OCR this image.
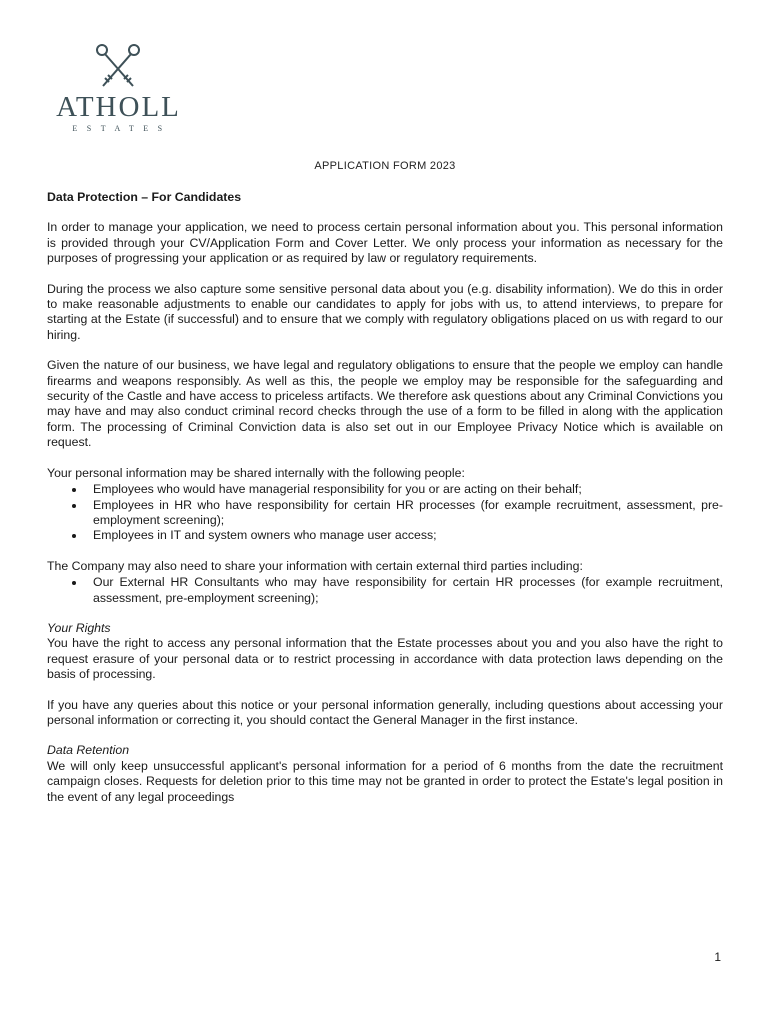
ATHOLL
ESTATES
APPLICATION FORM 2023

Data Protection – For Candidates

In order to manage your application, we need to process certain personal information about you. This personal information is provided through your CV/Application Form and Cover Letter. We only process your information as necessary for the purposes of progressing your application or as required by law or regulatory requirements.

During the process we also capture some sensitive personal data about you (e.g. disability information). We do this in order to make reasonable adjustments to enable our candidates to apply for jobs with us, to attend interviews, to prepare for starting at the Estate (if successful) and to ensure that we comply with regulatory obligations placed on us with regard to our hiring.

Given the nature of our business, we have legal and regulatory obligations to ensure that the people we employ can handle firearms and weapons responsibly. As well as this, the people we employ may be responsible for the safeguarding and security of the Castle and have access to priceless artifacts. We therefore ask questions about any Criminal Convictions you may have and may also conduct criminal record checks through the use of a form to be filled in along with the application form. The processing of Criminal Conviction data is also set out in our Employee Privacy Notice which is available on request.

Your personal information may be shared internally with the following people:

Employees who would have managerial responsibility for you or are acting on their behalf;
Employees in HR who have responsibility for certain HR processes (for example recruitment, assessment, pre-employment screening);
Employees in IT and system owners who manage user access;

The Company may also need to share your information with certain external third parties including:

Our External HR Consultants who may have responsibility for certain HR processes (for example recruitment, assessment, pre-employment screening);

Your Rights

You have the right to access any personal information that the Estate processes about you and you also have the right to request erasure of your personal data or to restrict processing in accordance with data protection laws depending on the basis of processing.

If you have any queries about this notice or your personal information generally, including questions about accessing your personal information or correcting it, you should contact the General Manager in the first instance.

Data Retention

We will only keep unsuccessful applicant's personal information for a period of 6 months from the date the recruitment campaign closes. Requests for deletion prior to this time may not be granted in order to protect the Estate's legal position in the event of any legal proceedings

1
